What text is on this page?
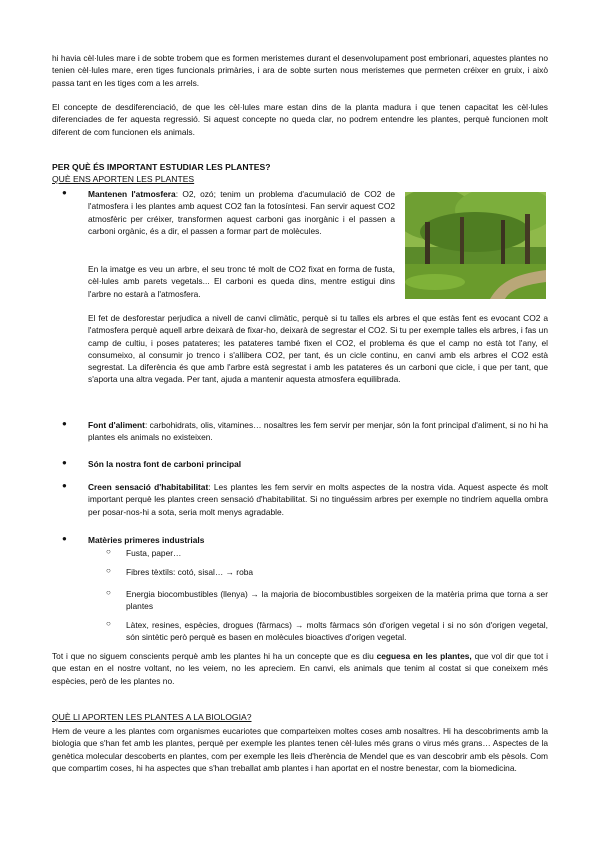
hi havia cèl·lules mare i de sobte trobem que es formen meristemes durant el desenvolupament post embrionari, aquestes plantes no tenien cèl·lules mare, eren tiges funcionals primàries, i ara de sobte surten nous meristemes que permeten créixer en gruix, i això passa tant en les tiges com a les arrels.

El concepte de desdiferenciació, de que les cèl·lules mare estan dins de la planta madura i que tenen capacitat les cèl·lules diferenciades de fer aquesta regressió. Si aquest concepte no queda clar, no podrem entendre les plantes, perquè funcionen molt diferent de com funcionen els animals.

PER QUÈ ÉS IMPORTANT ESTUDIAR LES PLANTES?

QUÈ ENS APORTEN LES PLANTES

●	Mantenen l'atmosfera: O2, ozó; tenim un problema d'acumulació de CO2 de l'atmosfera i les plantes amb aquest CO2 fan la fotosíntesi. Fan servir aquest CO2 atmosfèric per créixer, transformen aquest carboni gas inorgànic i el passen a carboni orgànic, és a dir, el passen a formar part de molècules.

En la imatge es veu un arbre, el seu tronc té molt de CO2 fixat en forma de fusta, cèl·lules amb parets vegetals... El carboni es queda dins, mentre estigui dins l'arbre no estarà a l'atmosfera.

El fet de desforestar perjudica a nivell de canvi climàtic, perquè si tu talles els arbres el que estàs fent es evocant CO2 a l'atmosfera perquè aquell arbre deixarà de fixar-ho, deixarà de segrestar el CO2. Si tu per exemple talles els arbres, i fas un camp de cultiu, i poses patateres; les patateres també fixen el CO2, el problema és que el camp no està tot l'any, el consumeixo, al consumir jo trenco i s'allibera CO2, per tant, és un cicle continu, en canvi amb els arbres el CO2 està segrestat. La diferència és que amb l'arbre està segrestat i amb les patateres és un carboni que cicle, i que per tant, que s'aporta una altra vegada. Per tant, ajuda a mantenir aquesta atmosfera equilibrada.

●	Font d'aliment: carbohidrats, olis, vitamines… nosaltres les fem servir per menjar, són la font principal d'aliment, si no hi ha plantes els animals no existeixen.

●	Són la nostra font de carboni principal

●	Creen sensació d'habitabilitat: Les plantes les fem servir en molts aspectes de la nostra vida. Aquest aspecte és molt important perquè les plantes creen sensació d'habitabilitat. Si no tinguéssim arbres per exemple no tindríem aquella ombra per posar-nos-hi a sota, seria molt menys agradable.

●	Matèries primeres industrials

○ Fusta, paper…

○ Fibres tèxtils: cotó, sisal… → roba

○ Energia biocombustibles (llenya) → la majoria de biocombustibles sorgeixen de la matèria prima que torna a ser plantes

○ Làtex, resines, espècies, drogues (fàrmacs) → molts fàrmacs són d'origen vegetal i si no són d'origen vegetal, són sintètic però perquè es basen en molècules bioactives d'origen vegetal.

Tot i que no siguem conscients perquè amb les plantes hi ha un concepte que es diu ceguesa en les plantes, que vol dir que tot i que estan en el nostre voltant, no les veiem, no les apreciem. En canvi, els animals que tenim al costat si que coneixem més espècies, però de les plantes no.

QUÈ LI APORTEN LES PLANTES A LA BIOLOGIA?

Hem de veure a les plantes com organismes eucariotes que comparteixen moltes coses amb nosaltres. Hi ha descobriments amb la biologia que s'han fet amb les plantes, perquè per exemple les plantes tenen cèl·lules més grans o virus més grans… Aspectes de la genètica molecular descoberts en plantes, com per exemple les lleis d'herència de Mendel que es van descobrir amb els pèsols. Com que compartim coses, hi ha aspectes que s'han treballat amb plantes i han aportat en el nostre benestar, com la biomedicina.
